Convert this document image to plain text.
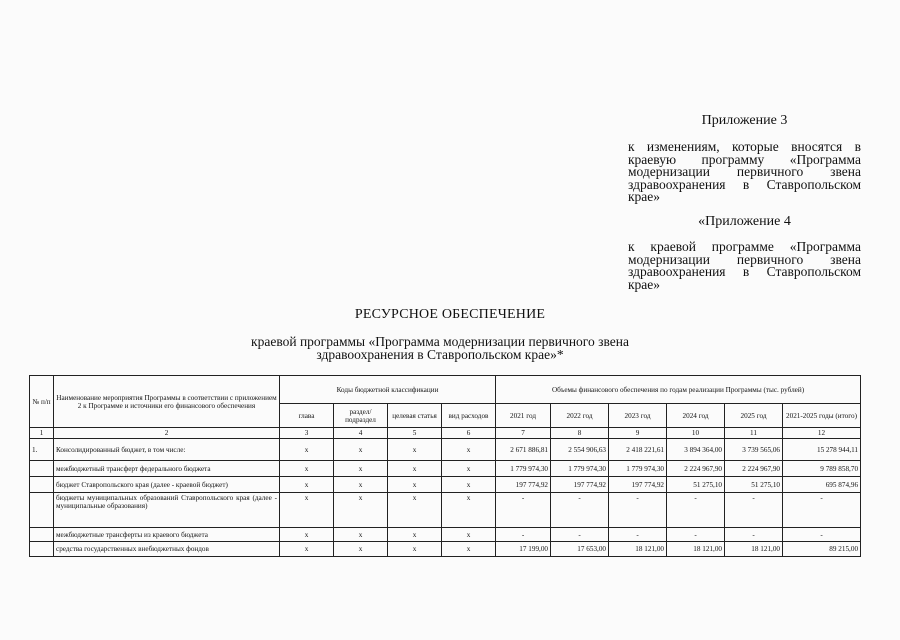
Приложение 3
к изменениям, которые вносятся в краевую программу «Программа модернизации первичного звена здравоохранения в Ставропольском крае»
«Приложение 4
к краевой программе «Программа модернизации первичного звена здравоохранения в Ставропольском крае»
РЕСУРСНОЕ ОБЕСПЕЧЕНИЕ
краевой программы «Программа модернизации первичного звена
здравоохранения в Ставропольском крае»*
№ п/п	Наименование мероприятия Программы в соответствии с приложением 2 к Программе и источники его финансового обеспечения	Коды бюджетной классификации				Объемы финансового обеспечения по годам реализации Программы (тыс. рублей)					
		глава	раздел/ подраздел	целевая статья	вид расходов	2021 год	2022 год	2023 год	2024 год	2025 год	2021-2025 годы (итого)
1	2	3	4	5	6	7	8	9	10	11	12
1.	Консолидированный бюджет, в том числе:	х	х	х	х	2 671 886,81	2 554 906,63	2 418 221,61	3 894 364,00	3 739 565,06	15 278 944,11
	межбюджетный трансферт федерального бюджета	х	х	х	х	1 779 974,30	1 779 974,30	1 779 974,30	2 224 967,90	2 224 967,90	9 789 858,70
	бюджет Ставропольского края (далее - краевой бюджет)	х	х	х	х	197 774,92	197 774,92	197 774,92	51 275,10	51 275,10	695 874,96
	бюджеты муниципальных образований Ставропольского края (далее - муниципальные образования)	х	х	х	х	-	-	-	-	-	-
	межбюджетные трансферты из краевого бюджета	х	х	х	х	-	-	-	-	-	-
	средства государственных внебюджетных фондов	х	х	х	х	17 199,00	17 653,00	18 121,00	18 121,00	18 121,00	89 215,00
